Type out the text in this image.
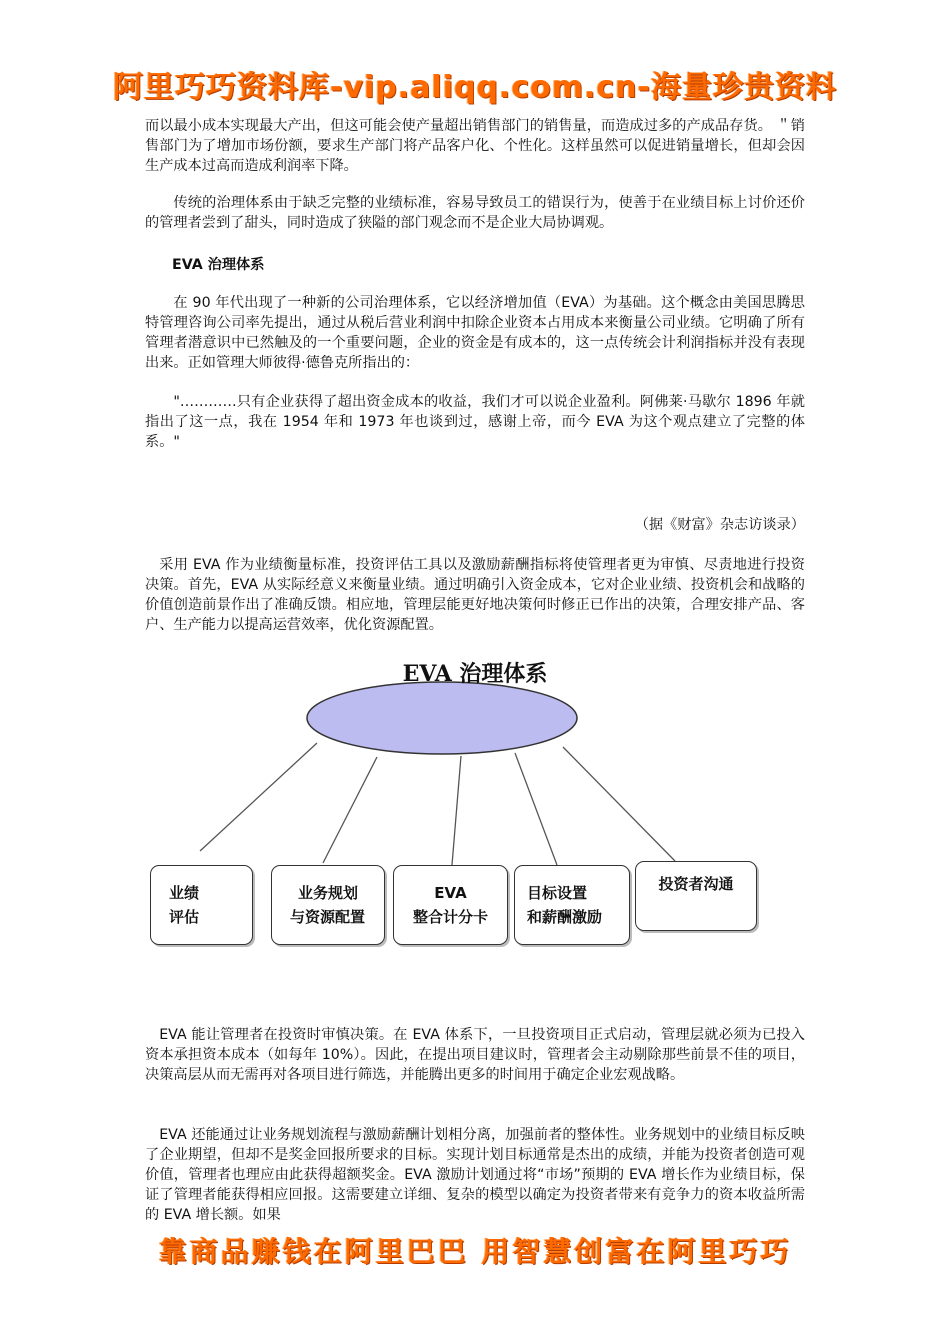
阿里巧巧资料库-vip.aliqq.com.cn-海量珍贵资料

而以最小成本实现最大产出，但这可能会使产量超出销售部门的销售量，而造成过多的产成品存货。 ＂销售部门为了增加市场份额，要求生产部门将产品客户化、个性化。这样虽然可以促进销量增长，但却会因生产成本过高而造成利润率下降。

传统的治理体系由于缺乏完整的业绩标准，容易导致员工的错误行为，使善于在业绩目标上讨价还价的管理者尝到了甜头，同时造成了狭隘的部门观念而不是企业大局协调观。

EVA 治理体系

在 90 年代出现了一种新的公司治理体系，它以经济增加值（EVA）为基础。这个概念由美国思腾思特管理咨询公司率先提出，通过从税后营业利润中扣除企业资本占用成本来衡量公司业绩。它明确了所有管理者潜意识中已然触及的一个重要问题，企业的资金是有成本的，这一点传统会计利润指标并没有表现出来。正如管理大师彼得·德鲁克所指出的：

"…………只有企业获得了超出资金成本的收益，我们才可以说企业盈利。阿佛莱·马歇尔 1896 年就指出了这一点，我在 1954 年和 1973 年也谈到过，感谢上帝，而今 EVA 为这个观点建立了完整的体系。"

（据《财富》杂志访谈录）

采用 EVA 作为业绩衡量标准，投资评估工具以及激励薪酬指标将使管理者更为审慎、尽责地进行投资决策。首先，EVA 从实际经意义来衡量业绩。通过明确引入资金成本，它对企业业绩、投资机会和战略的价值创造前景作出了准确反馈。相应地，管理层能更好地决策何时修正已作出的决策，合理安排产品、客户、生产能力以提高运营效率，优化资源配置。

EVA 治理体系
业绩
评估
业务规划
与资源配置
EVA
整合计分卡
目标设置
和薪酬激励
投资者沟通

EVA 能让管理者在投资时审慎决策。在 EVA 体系下，一旦投资项目正式启动，管理层就必须为已投入资本承担资本成本（如每年 10%）。因此，在提出项目建议时，管理者会主动剔除那些前景不佳的项目，决策高层从而无需再对各项目进行筛选，并能腾出更多的时间用于确定企业宏观战略。

EVA 还能通过让业务规划流程与激励薪酬计划相分离，加强前者的整体性。业务规划中的业绩目标反映了企业期望，但却不是奖金回报所要求的目标。实现计划目标通常是杰出的成绩，并能为投资者创造可观价值，管理者也理应由此获得超额奖金。EVA 激励计划通过将“市场”预期的 EVA 增长作为业绩目标，保证了管理者能获得相应回报。这需要建立详细、复杂的模型以确定为投资者带来有竞争力的资本收益所需的 EVA 增长额。如果

靠商品赚钱在阿里巴巴 用智慧创富在阿里巧巧
